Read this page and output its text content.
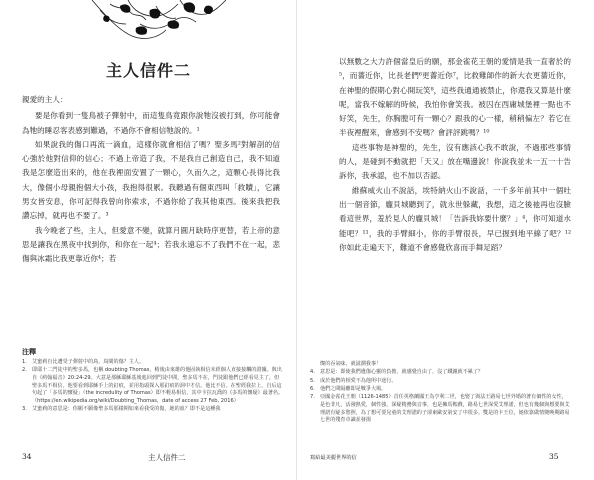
主人信件二

親愛的主人：

要是你看到一隻鳥被子彈射中，而這隻鳥竟跟你說牠沒被打到，你可能會為牠的睡忍客表感到難過，不過你不會相信牠說的。¹

如果說我的傷口再流一滴血，這樣你就會相信了嗎？聖多馬²對解剖的信心強於他對信仰的信心；不過上帝造了我，不是我自己創造自己，我不知道我是怎麼造出來的，他在我裡面安置了一顆心，久而久之，這顆心長得比我大，像個小母親抱個大小孩，我抱得很累。我聽過有個東西叫「救贖」，它讓男女皆安息，你可記得我曾向你索求，不過你給了我其他東西。後來我把我讚忘掉，就再也不要了。³

我今晚老了些，主人，但愛意不變，就算月圓月缺時序更替，若上帝的意思是讓我在黑夜中找到你，和你在一起⁴；若我永遠忘不了我們不在一起，悲傷與冰霜比我更靠近你⁴；若

注釋
1.	艾蜜莉自比遭受子彈射中的鳥，鳥間的傷？主人。
2.	即耶十二門徒中的聖多馬，也稱 doubting Thomas，稍後由來雄的他固執相信未經個人直接接觸的證據。與出自《約翰福音》20:24-29。大意是那穌耶穌基後進回到門徒中間，聖多馬不在，門徒跟他們已經看見主了，但聖多馬不相信，他要看到耶穌手上的釘痕，並用指頭探入那釘痕的洞中才信。他比不信。在聖經我拉上，自后這句起了「多馬的懷疑」（the incredulity of Thomas）即不輕易相信，其中卡拉瓦喬的《多馬的懷疑》最著名。（https://en.wikipedia.org/wiki/Doubting_Thomas，date of access 27 Feb, 2016）
3.	艾蜜莉的意思是：你願不願像聖多馬那樣期如來看我受的傷，她的血？即不是這種我
34	主人信件二

以無數之大力許個當皇后的願，那金雀花王朝的愛情是我一直奢於的⁵，而薔近你，比長老們⁶更薔近你⁷，比救雞師作的新大衣更薔近你，在神聖的假期心對心開玩笑⁸，這些我通通被禁止，你還我又算是什麼呢，當我不嫁解的時候，我怕你會笑我。被囚在西庸城堡裡一點也不好笑，先生，你胸膛可有一顆心？跟我的心一樣，稍稍偏左？若它在半夜裡醒來，會感到不安嗎？會評評跳嗎？¹⁰

這些事物是神聖的，先生，沒有應該心我不敢說，不過那些事情的人，是碰到不動就把「天又」放在嘴邊說！你說我並未一五一十告訴你，我承認，也不加以否認。

維蘇威火山不說話，埃特納火山不說話，一千多年前其中一個吐出一個音節，龐貝城聽到了，就永世躲藏，我想，這之後祂再也沒臉看這世界，羞於見人的龐貝城！「告訴我妳要什麼？」⁴，你可知道水能吧？¹¹，我的手臂細小，你的手臂很長，早已握到地平線了吧？¹² 你如此走遍天下，難道不會感覺欣喜而手舞足蹈？

燦的吞氣味，就滋潤我事！
4.	意思是：即使我們遺傷心靈的負擔，就感覺自由了，沒了鐵鐘就不累了？
5.	成於他們的相愛不為他所中途行。
6.	他們之間隔離即是戰爭大場。
7.	亞國金雀花王朝（1126-1485）首任英格蘭國王為亨利二世，也娶了與法王路易七世外婚的著有個性的女性，是色非凡，活潑熱愛，個性強，深疑精務與音事，也是擁馬鞍戲，路易七世深愛艾理諾，但也有幾個與想要與艾理諾有疑多愁照，為了想可要兒童的艾理諾的子卻東歐安第安了中很多。雙是的卡王位，她依靠做情變喚期路易七世的殘育卓識並發揚
寫給最美麗世界的信	35
